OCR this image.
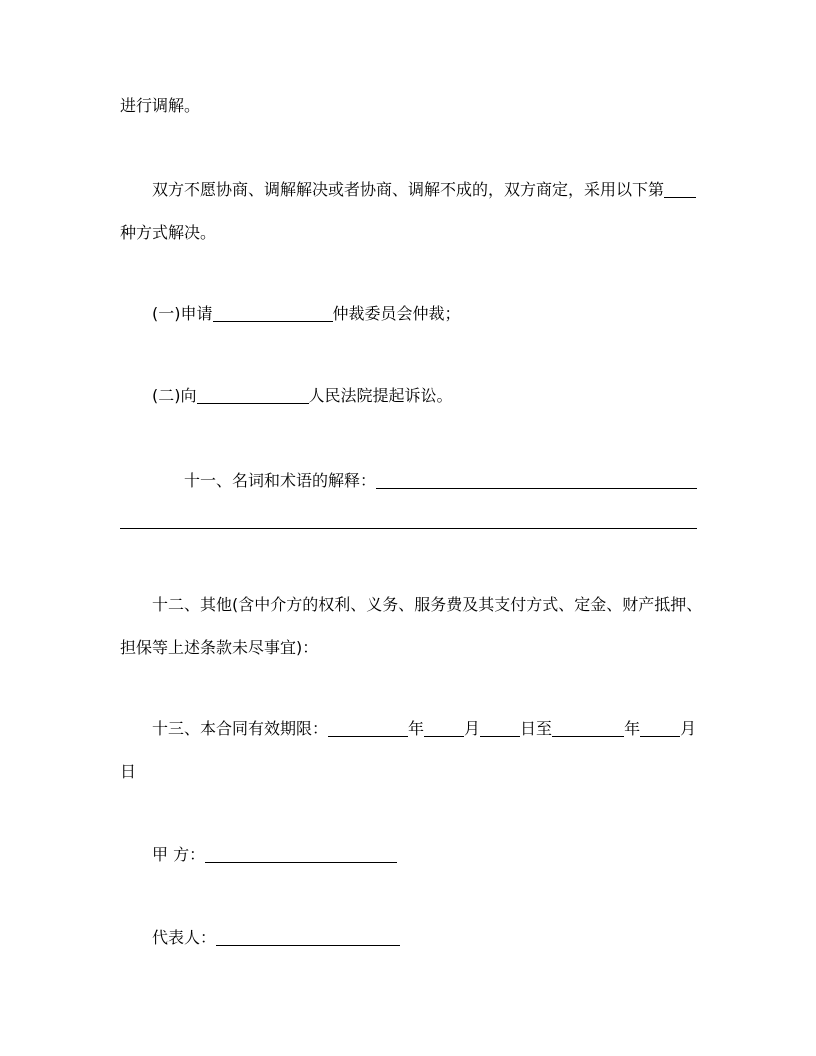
进行调解。
双方不愿协商、调解解决或者协商、调解不成的，双方商定，采用以下第
种方式解决。
(一)申请	仲裁委员会仲裁；
(二)向	人民法院提起诉讼。
十一、名词和术语的解释：
十二、其他(含中介方的权利、义务、服务费及其支付方式、定金、财产抵押、
担保等上述条款未尽事宜)：
十三、本合同有效期限：	年	月	日至	年	月
日
甲 方：
代表人：
